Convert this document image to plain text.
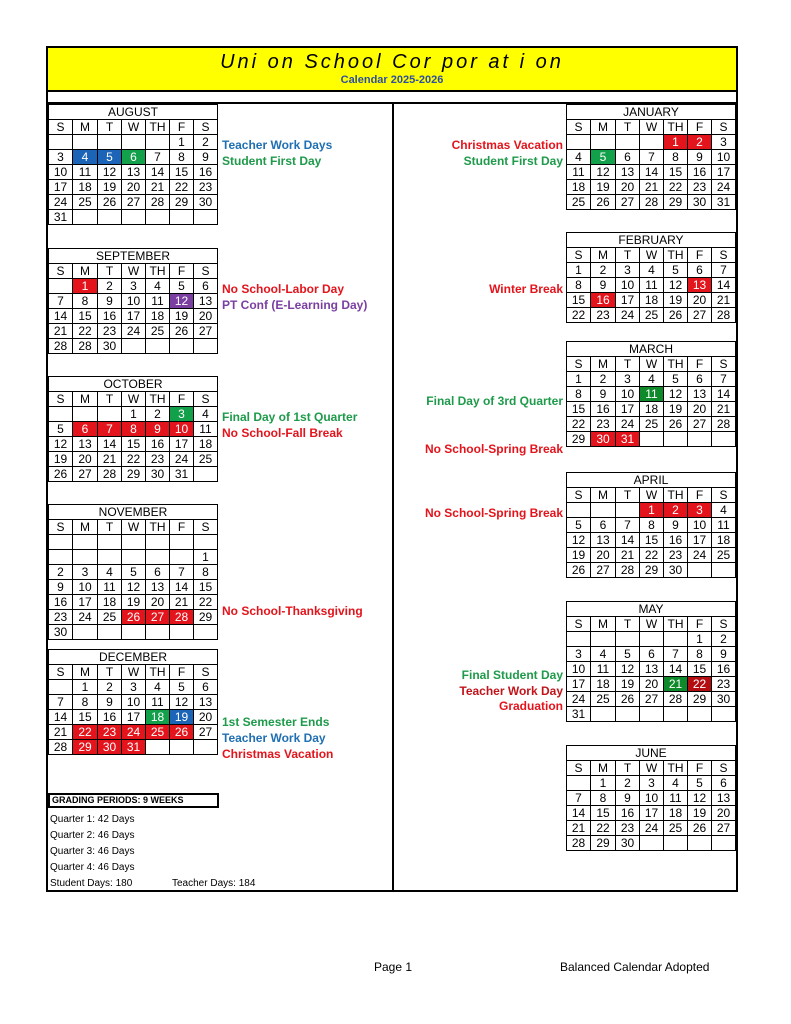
Uni on School Cor por at i on
Calendar 2025-2026
AUGUST						
S	M	T	W	TH	F	S
					1	2
3	4	5	6	7	8	9
10	11	12	13	14	15	16
17	18	19	20	21	22	23
24	25	26	27	28	29	30
31						
SEPTEMBER						
S	M	T	W	TH	F	S
	1	2	3	4	5	6
7	8	9	10	11	12	13
14	15	16	17	18	19	20
21	22	23	24	25	26	27
28	28	30				
OCTOBER						
S	M	T	W	TH	F	S
			1	2	3	4
5	6	7	8	9	10	11
12	13	14	15	16	17	18
19	20	21	22	23	24	25
26	27	28	29	30	31	
NOVEMBER						
S	M	T	W	TH	F	S

						1
2	3	4	5	6	7	8
9	10	11	12	13	14	15
16	17	18	19	20	21	22
23	24	25	26	27	28	29
30						
DECEMBER						
S	M	T	W	TH	F	S
	1	2	3	4	5	6
7	8	9	10	11	12	13
14	15	16	17	18	19	20
21	22	23	24	25	26	27
28	29	30	31			
JANUARY						
S	M	T	W	TH	F	S
				1	2	3
4	5	6	7	8	9	10
11	12	13	14	15	16	17
18	19	20	21	22	23	24
25	26	27	28	29	30	31
FEBRUARY						
S	M	T	W	TH	F	S
1	2	3	4	5	6	7
8	9	10	11	12	13	14
15	16	17	18	19	20	21
22	23	24	25	26	27	28
MARCH						
S	M	T	W	TH	F	S
1	2	3	4	5	6	7
8	9	10	11	12	13	14
15	16	17	18	19	20	21
22	23	24	25	26	27	28
29	30	31				
APRIL						
S	M	T	W	TH	F	S
			1	2	3	4
5	6	7	8	9	10	11
12	13	14	15	16	17	18
19	20	21	22	23	24	25
26	27	28	29	30		
MAY						
S	M	T	W	TH	F	S
					1	2
3	4	5	6	7	8	9
10	11	12	13	14	15	16
17	18	19	20	21	22	23
24	25	26	27	28	29	30
31						
JUNE						
S	M	T	W	TH	F	S
	1	2	3	4	5	6
7	8	9	10	11	12	13
14	15	16	17	18	19	20
21	22	23	24	25	26	27
28	29	30				
Teacher Work Days
Student First Day
No School-Labor Day
PT Conf (E-Learning Day)
Final Day of 1st Quarter
No School-Fall Break
No School-Thanksgiving
1st Semester Ends
Teacher Work Day
Christmas Vacation
Christmas Vacation
Student First Day
Winter Break
Final Day of 3rd Quarter
No School-Spring Break
No School-Spring Break
Final Student Day
Teacher Work Day
Graduation
GRADING PERIODS: 9 WEEKS
Quarter 1: 42 Days
Quarter 2: 46 Days
Quarter 3: 46 Days
Quarter 4: 46 Days
Student Days: 180	Teacher Days: 184
Page 1	Balanced Calendar Adopted
